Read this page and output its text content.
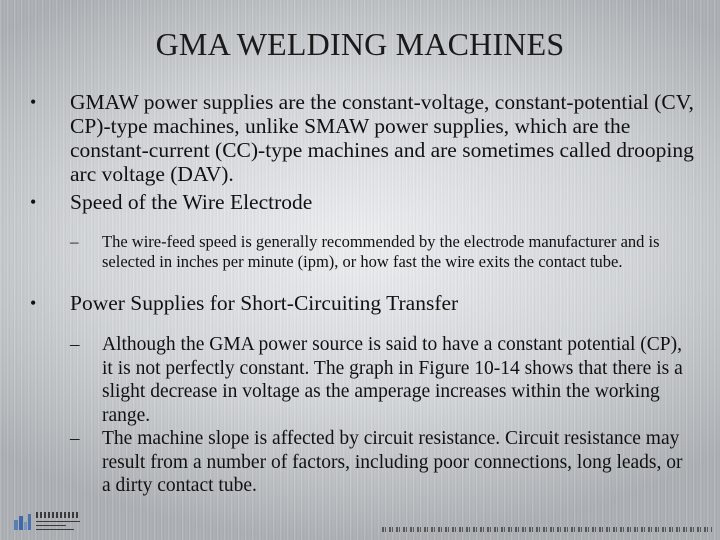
GMA WELDING MACHINES
• GMAW power supplies are the constant-voltage, constant-potential (CV, CP)-type machines, unlike SMAW power supplies, which are the constant-current (CC)-type machines and are sometimes called drooping arc voltage (DAV).
• Speed of the Wire Electrode
– The wire-feed speed is generally recommended by the electrode manufacturer and is selected in inches per minute (ipm), or how fast the wire exits the contact tube.
• Power Supplies for Short-Circuiting Transfer
– Although the GMA power source is said to have a constant potential (CP), it is not perfectly constant. The graph in Figure 10-14 shows that there is a slight decrease in voltage as the amperage increases within the working range.
– The machine slope is affected by circuit resistance. Circuit resistance may result from a number of factors, including poor connections, long leads, or a dirty contact tube.
